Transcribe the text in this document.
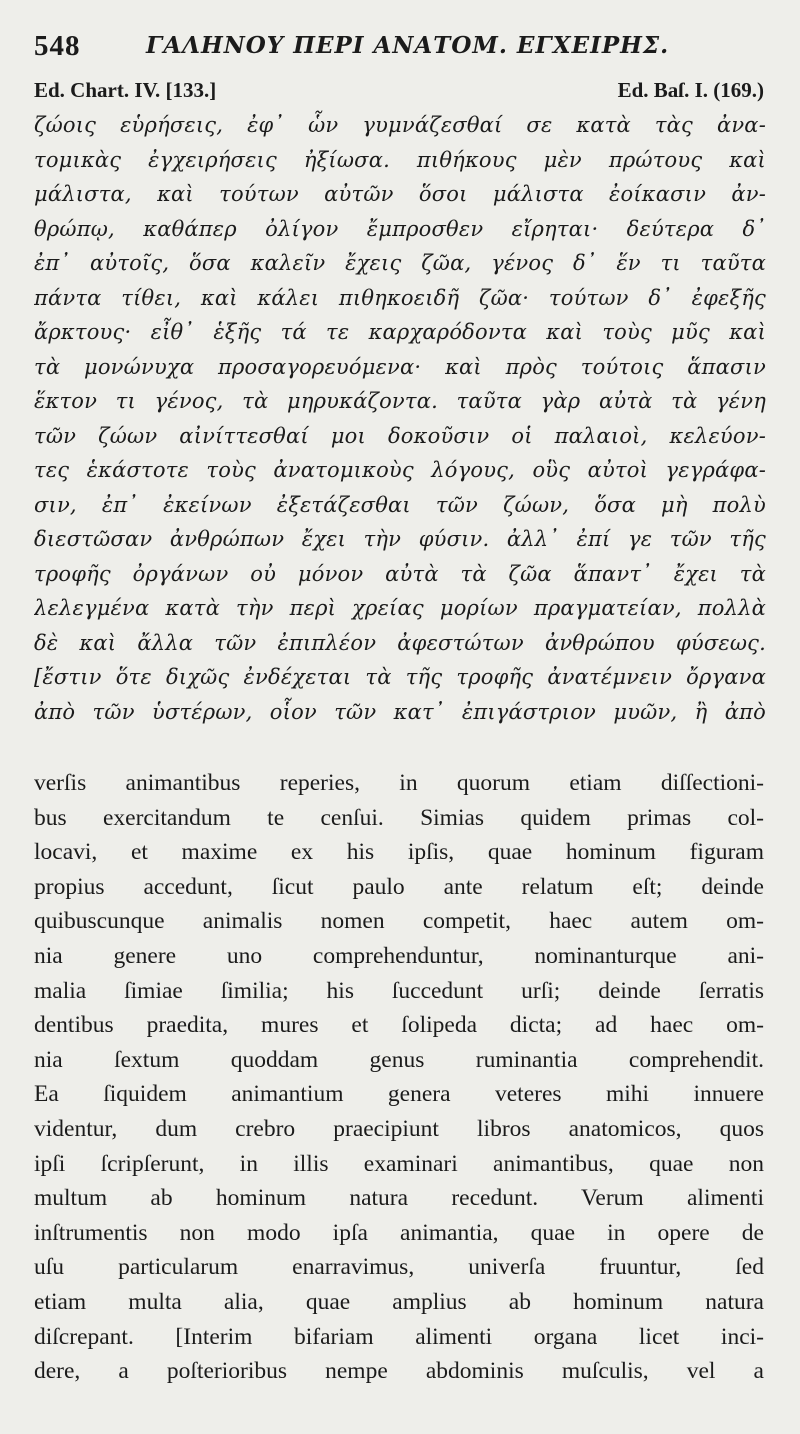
548	ΓΑΛΗΝΟΥ ΠΕΡΙ ΑΝΑΤΟΜ. ΕΓΧΕΙΡΗΣ.
Ed. Chart. IV. [133.]	Ed. Baſ. I. (169.)
ζώοις εὑρήσεις, ἐφ᾽ ὧν γυμνάζεσθαί σε κατὰ τὰς ἀνα-
τομικὰς ἐγχειρήσεις ἠξίωσα. πιθήκους μὲν πρώτους καὶ
μάλιστα, καὶ τούτων αὐτῶν ὅσοι μάλιστα ἐοίκασιν ἀν-
θρώπῳ, καθάπερ ὀλίγον ἔμπροσθεν εἴρηται· δεύτερα δ᾽
ἐπ᾽ αὐτοῖς, ὅσα καλεῖν ἔχεις ζῶα, γένος δ᾽ ἕν τι ταῦτα
πάντα τίθει, καὶ κάλει πιθηκοειδῆ ζῶα· τούτων δ᾽ ἐφεξῆς
ἄρκτους· εἶθ᾽ ἑξῆς τά τε καρχαρόδοντα καὶ τοὺς μῦς καὶ
τὰ μονώνυχα προσαγορευόμενα· καὶ πρὸς τούτοις ἅπασιν
ἕκτον τι γένος, τὰ μηρυκάζοντα. ταῦτα γὰρ αὐτὰ τὰ γένη
τῶν ζώων αἰνίττεσθαί μοι δοκοῦσιν οἱ παλαιοὶ, κελεύον-
τες ἑκάστοτε τοὺς ἀνατομικοὺς λόγους, οὓς αὐτοὶ γεγράφα-
σιν, ἐπ᾽ ἐκείνων ἐξετάζεσθαι τῶν ζώων, ὅσα μὴ πολὺ
διεστῶσαν ἀνθρώπων ἔχει τὴν φύσιν. ἀλλ᾽ ἐπί γε τῶν τῆς
τροφῆς ὀργάνων οὐ μόνον αὐτὰ τὰ ζῶα ἅπαντ᾽ ἔχει τὰ
λελεγμένα κατὰ τὴν περὶ χρείας μορίων πραγματείαν, πολλὰ
δὲ καὶ ἄλλα τῶν ἐπιπλέον ἀφεστώτων ἀνθρώπου φύσεως.
[ἔστιν ὅτε διχῶς ἐνδέχεται τὰ τῆς τροφῆς ἀνατέμνειν ὄργανα
ἀπὸ τῶν ὑστέρων, οἷον τῶν κατ᾽ ἐπιγάστριον μυῶν, ἢ ἀπὸ
verſis animantibus reperies, in quorum etiam diſſectioni-
bus exercitandum te cenſui. Simias quidem primas col-
locavi, et maxime ex his ipſis, quae hominum figuram
propius accedunt, ſicut paulo ante relatum eſt; deinde
quibuscunque animalis nomen competit, haec autem om-
nia genere uno comprehenduntur, nominanturque ani-
malia ſimiae ſimilia; his ſuccedunt urſi; deinde ſerratis
dentibus praedita, mures et ſolipeda dicta; ad haec om-
nia ſextum quoddam genus ruminantia comprehendit.
Ea ſiquidem animantium genera veteres mihi innuere
videntur, dum crebro praecipiunt libros anatomicos, quos
ipſi ſcripſerunt, in illis examinari animantibus, quae non
multum ab hominum natura recedunt. Verum alimenti
inſtrumentis non modo ipſa animantia, quae in opere de
uſu particularum enarravimus, univerſa fruuntur, ſed
etiam multa alia, quae amplius ab hominum natura
diſcrepant. [Interim bifariam alimenti organa licet inci-
dere, a poſterioribus nempe abdominis muſculis, vel a
